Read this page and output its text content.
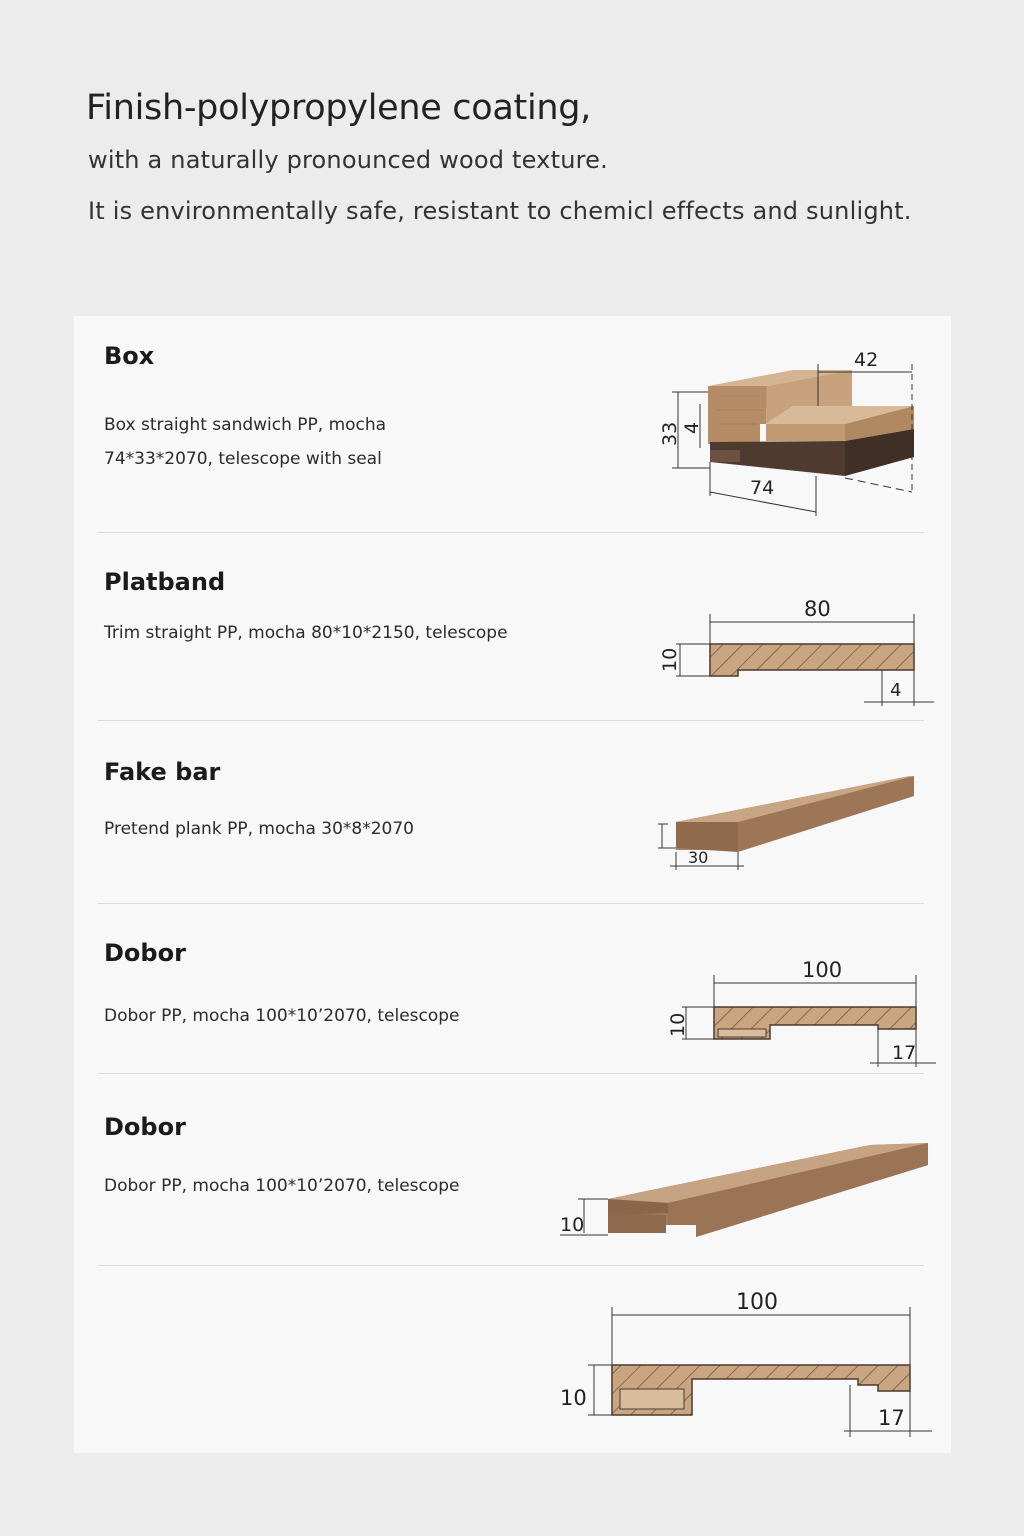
Finish-polypropylene coating,

with a naturally pronounced wood texture.

It is environmentally safe, resistant to chemicl effects and sunlight.

Box

Box straight sandwich PP, mocha
74*33*2070, telescope with seal

42
33 4
74
Platband

Trim straight PP, mocha 80*10*2150, telescope

80
10
4
Fake bar

Pretend plank PP, mocha 30*8*2070

30
Dobor

Dobor PP, mocha 100*10’2070, telescope

100
10
17
Dobor

Dobor PP, mocha 100*10’2070, telescope

10
100
10
17
